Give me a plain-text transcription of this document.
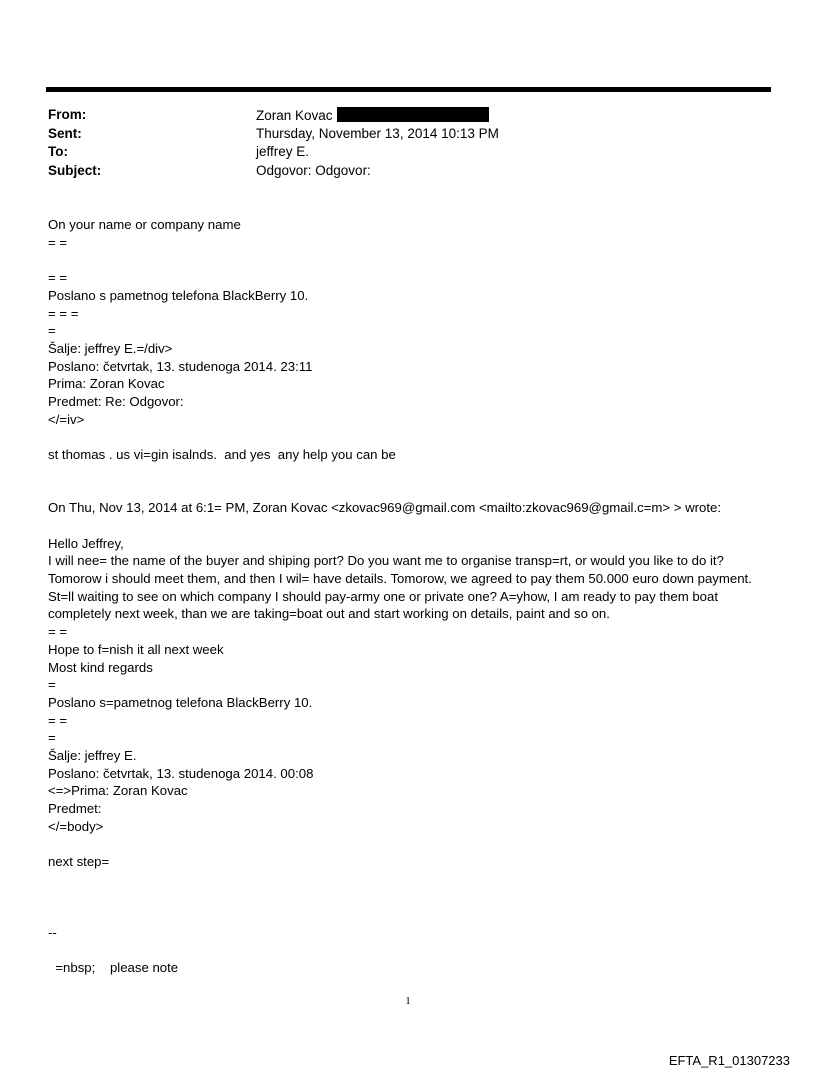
From:	Zoran Kovac
Sent:	Thursday, November 13, 2014 10:13 PM
To:	jeffrey E.
Subject:	Odgovor: Odgovor:
On your name or company name
= =
= =
Poslano s pametnog telefona BlackBerry 10.
= = =
=
Šalje: jeffrey E.=/div>
Poslano: četvrtak, 13. studenoga 2014. 23:11
Prima: Zoran Kovac
Predmet: Re: Odgovor:
</=iv>
st thomas . us vi=gin isalnds.  and yes  any help you can be
On Thu, Nov 13, 2014 at 6:1= PM, Zoran Kovac <zkovac969@gmail.com <mailto:zkovac969@gmail.c=m> > wrote:
Hello Jeffrey,
I will nee= the name of the buyer and shiping port? Do you want me to organise transp=rt, or would you like to do it? Tomorow i should meet them, and then I wil= have details. Tomorow, we agreed to pay them 50.000 euro down payment. St=ll waiting to see on which company I should pay-army one or private one? A=yhow, I am ready to pay them boat completely next week, than we are taking=boat out and start working on details, paint and so on.
= =
Hope to f=nish it all next week
Most kind regards
=
Poslano s=pametnog telefona BlackBerry 10.
= =
=
Šalje: jeffrey E.
Poslano: četvrtak, 13. studenoga 2014. 00:08
<=>Prima: Zoran Kovac
Predmet:
</=body>
next step=
--
=nbsp;    please note
1
EFTA_R1_01307233
